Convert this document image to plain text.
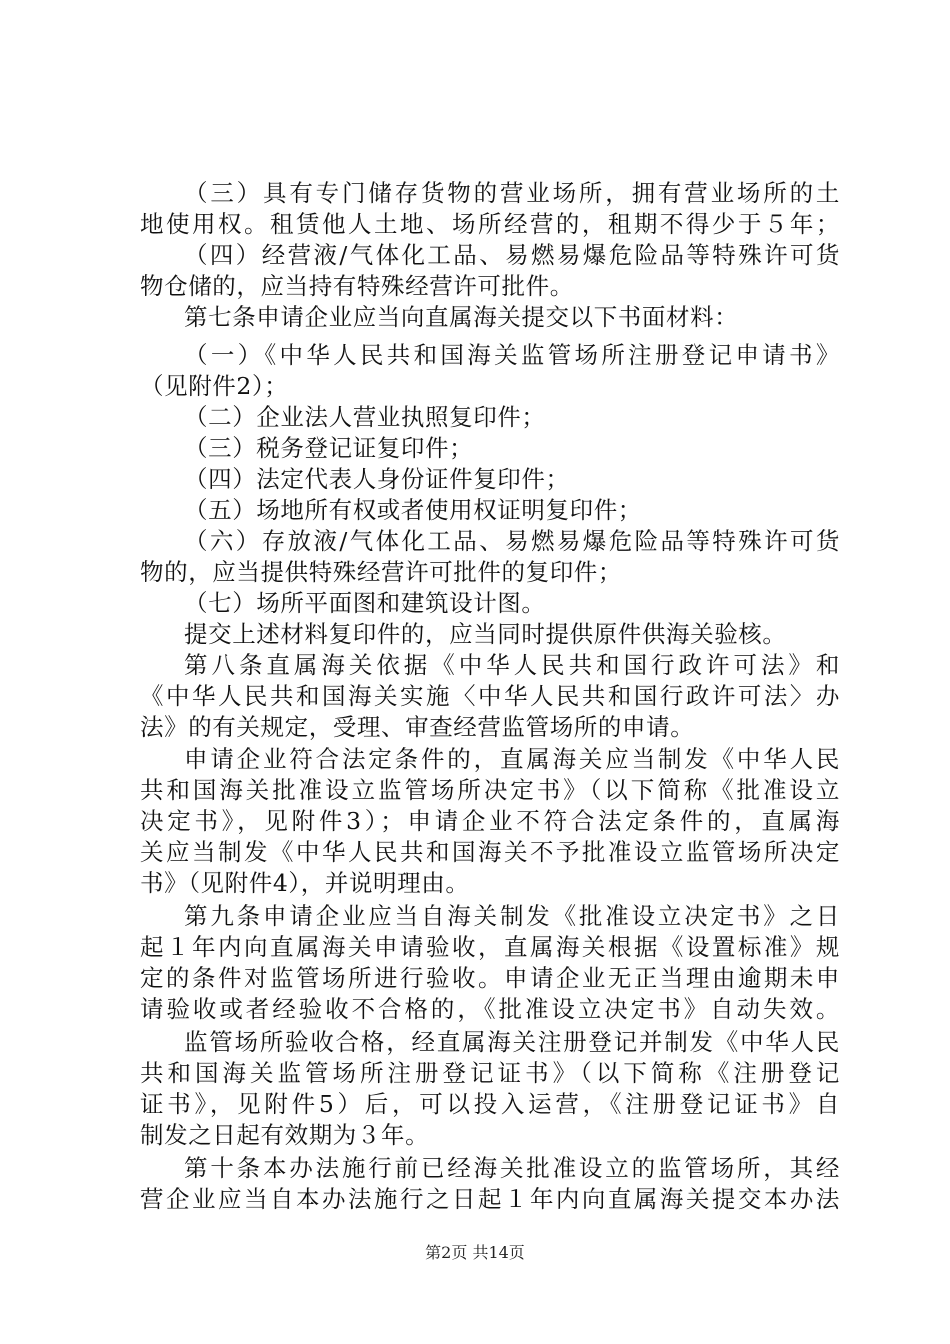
（三）具有专门储存货物的营业场所，拥有营业场所的土
地使用权。租赁他人土地、场所经营的，租期不得少于５年；
（四）经营液/气体化工品、易燃易爆危险品等特殊许可货
物仓储的，应当持有特殊经营许可批件。
第七条申请企业应当向直属海关提交以下书面材料：
（一）《中华人民共和国海关监管场所注册登记申请书》
（见附件2）；
（二）企业法人营业执照复印件；
（三）税务登记证复印件；
（四）法定代表人身份证件复印件；
（五）场地所有权或者使用权证明复印件；
（六）存放液/气体化工品、易燃易爆危险品等特殊许可货
物的，应当提供特殊经营许可批件的复印件；
（七）场所平面图和建筑设计图。
提交上述材料复印件的，应当同时提供原件供海关验核。
第八条直属海关依据《中华人民共和国行政许可法》和
《中华人民共和国海关实施〈中华人民共和国行政许可法〉办
法》的有关规定，受理、审查经营监管场所的申请。
申请企业符合法定条件的，直属海关应当制发《中华人民
共和国海关批准设立监管场所决定书》（以下简称《批准设立
决定书》，见附件3）；申请企业不符合法定条件的，直属海
关应当制发《中华人民共和国海关不予批准设立监管场所决定
书》（见附件4），并说明理由。
第九条申请企业应当自海关制发《批准设立决定书》之日
起１年内向直属海关申请验收，直属海关根据《设置标准》规
定的条件对监管场所进行验收。申请企业无正当理由逾期未申
请验收或者经验收不合格的，《批准设立决定书》自动失效。
监管场所验收合格，经直属海关注册登记并制发《中华人民
共和国海关监管场所注册登记证书》（以下简称《注册登记
证书》，见附件5）后，可以投入运营，《注册登记证书》自
制发之日起有效期为３年。
第十条本办法施行前已经海关批准设立的监管场所，其经
营企业应当自本办法施行之日起１年内向直属海关提交本办法
第2页 共14页
